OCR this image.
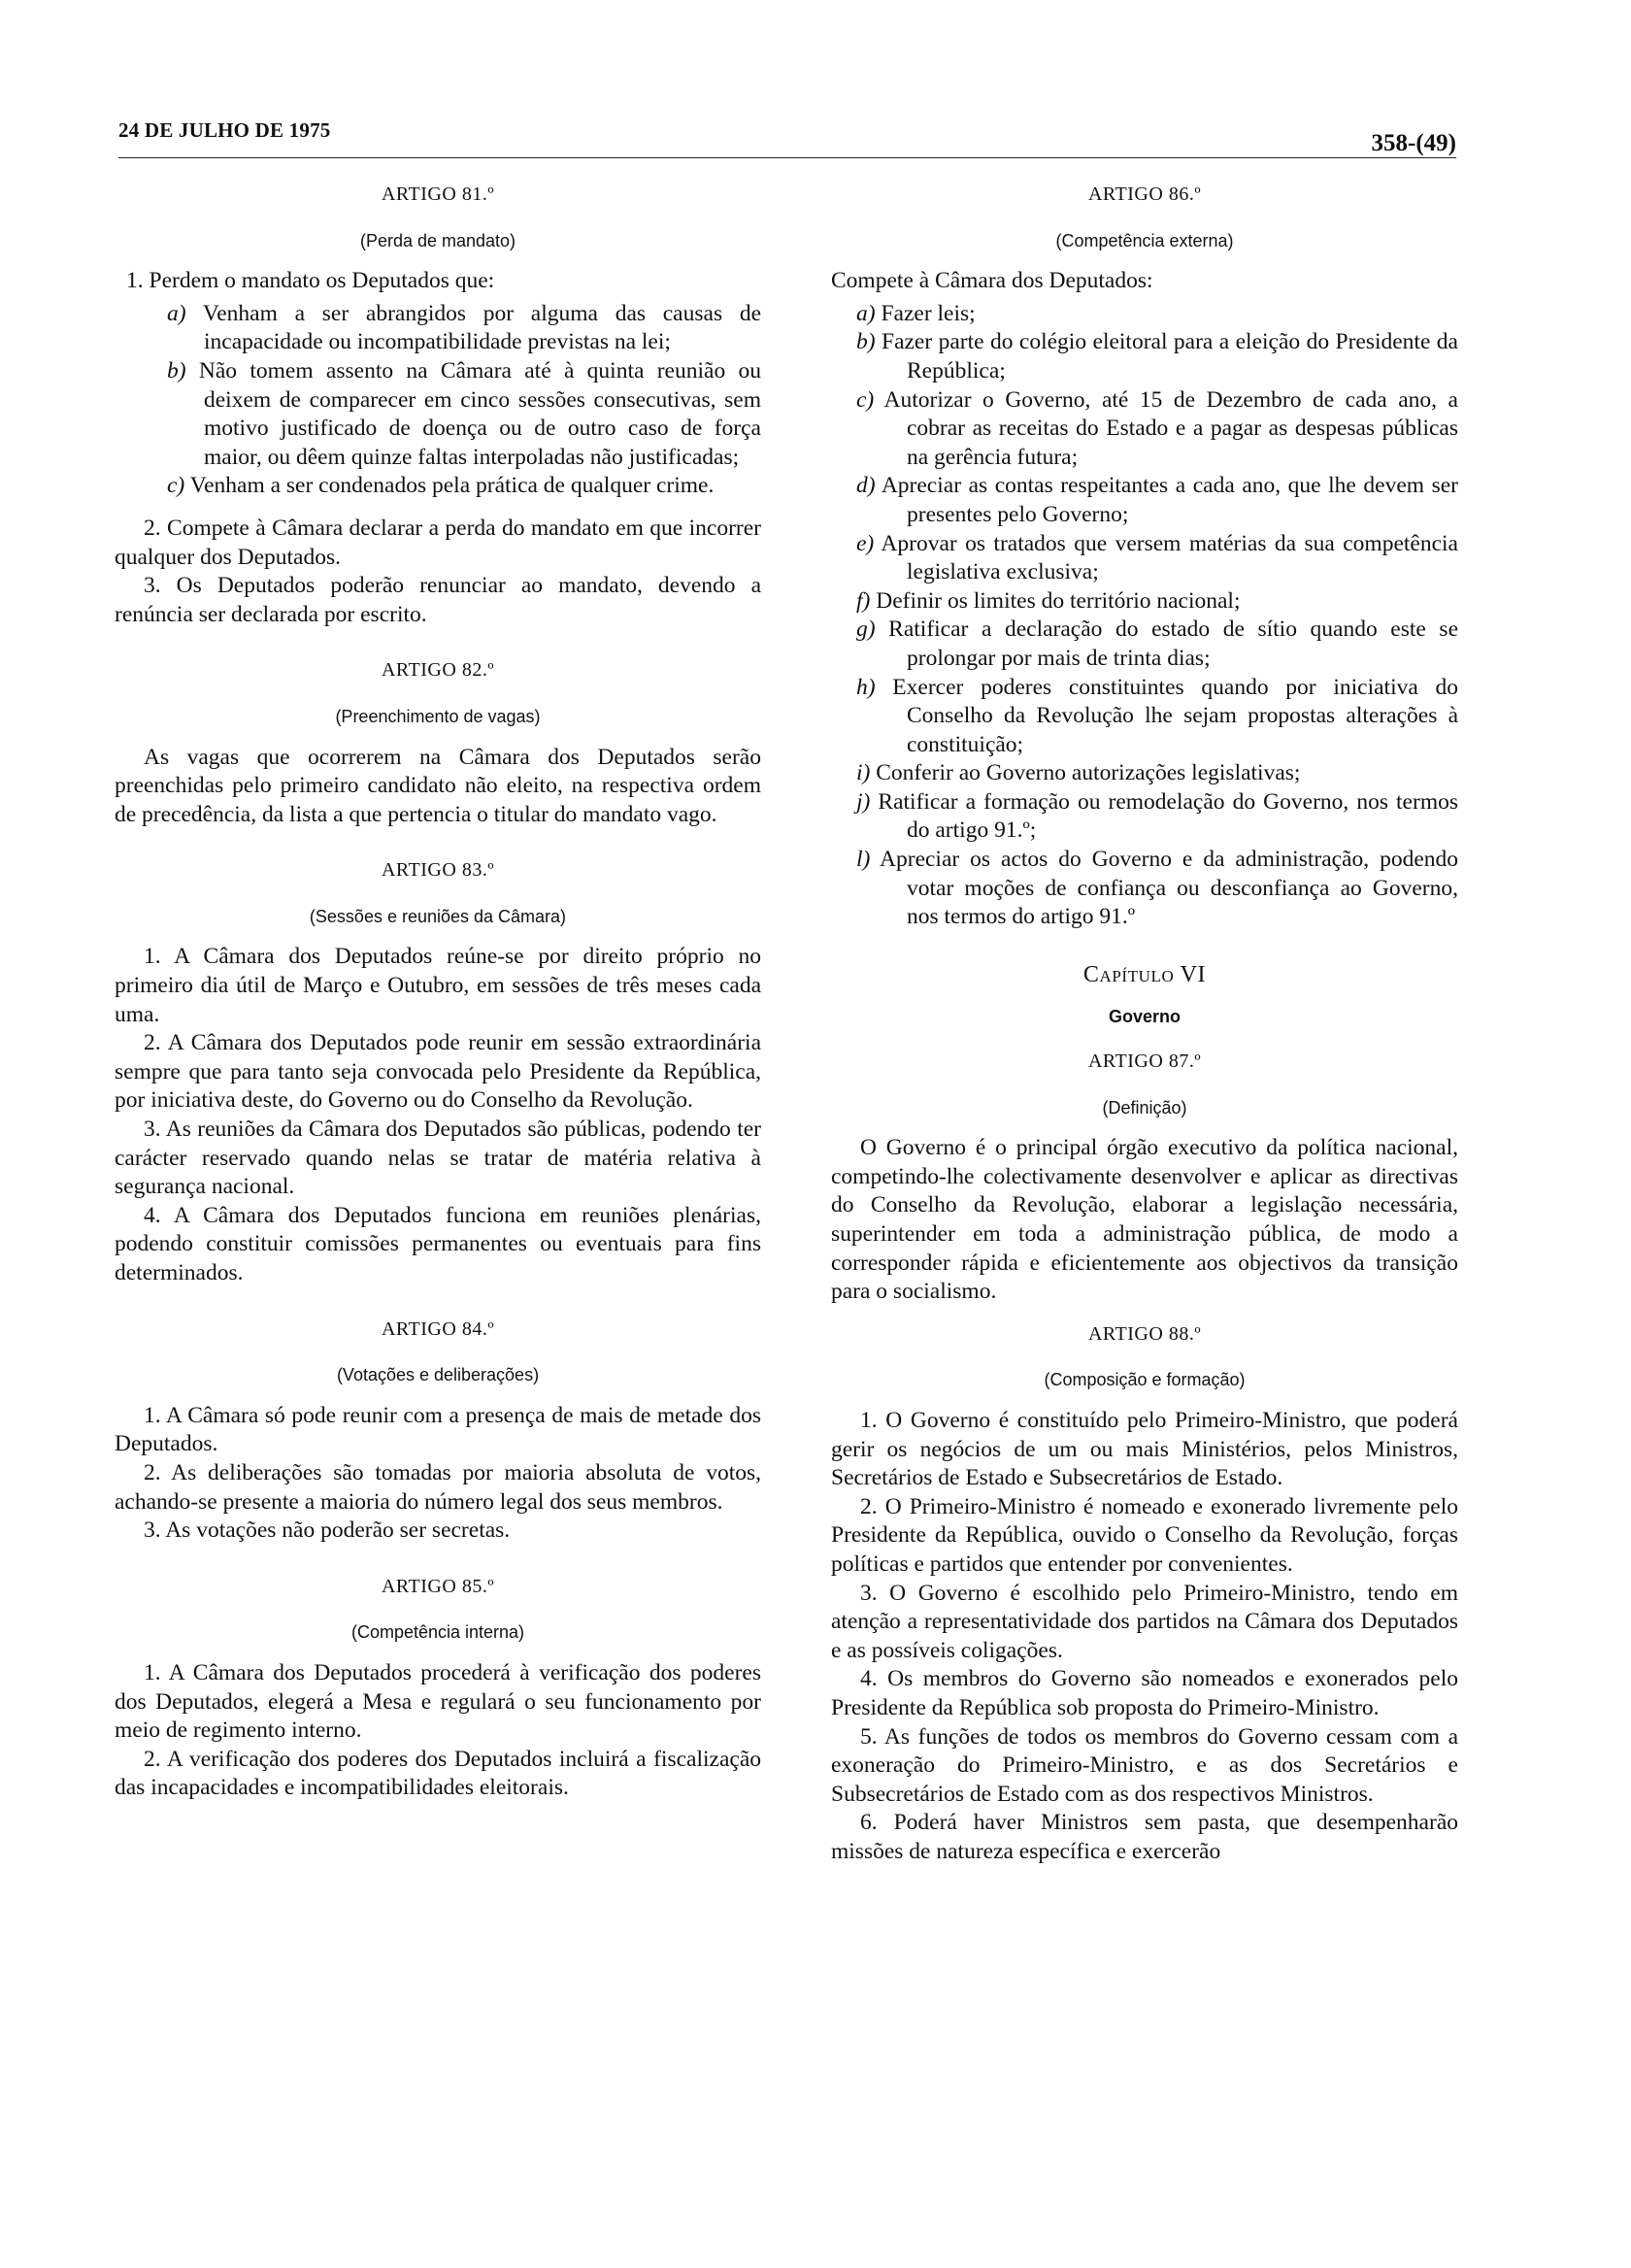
24 DE JULHO DE 1975	358-(49)
ARTIGO 81.º
(Perda de mandato)

1. Perdem o mandato os Deputados que:

a) Venham a ser abrangidos por alguma das causas de incapacidade ou incompatibilidade previstas na lei;

b) Não tomem assento na Câmara até à quinta reunião ou deixem de comparecer em cinco sessões consecutivas, sem motivo justificado de doença ou de outro caso de força maior, ou dêem quinze faltas interpoladas não justificadas;

c) Venham a ser condenados pela prática de qualquer crime.

2. Compete à Câmara declarar a perda do mandato em que incorrer qualquer dos Deputados.

3. Os Deputados poderão renunciar ao mandato, devendo a renúncia ser declarada por escrito.

ARTIGO 82.º
(Preenchimento de vagas)

As vagas que ocorrerem na Câmara dos Deputados serão preenchidas pelo primeiro candidato não eleito, na respectiva ordem de precedência, da lista a que pertencia o titular do mandato vago.

ARTIGO 83.º
(Sessões e reuniões da Câmara)

1. A Câmara dos Deputados reúne-se por direito próprio no primeiro dia útil de Março e Outubro, em sessões de três meses cada uma.

2. A Câmara dos Deputados pode reunir em sessão extraordinária sempre que para tanto seja convocada pelo Presidente da República, por iniciativa deste, do Governo ou do Conselho da Revolução.

3. As reuniões da Câmara dos Deputados são públicas, podendo ter carácter reservado quando nelas se tratar de matéria relativa à segurança nacional.

4. A Câmara dos Deputados funciona em reuniões plenárias, podendo constituir comissões permanentes ou eventuais para fins determinados.

ARTIGO 84.º
(Votações e deliberações)

1. A Câmara só pode reunir com a presença de mais de metade dos Deputados.

2. As deliberações são tomadas por maioria absoluta de votos, achando-se presente a maioria do número legal dos seus membros.

3. As votações não poderão ser secretas.

ARTIGO 85.º
(Competência interna)

1. A Câmara dos Deputados procederá à verificação dos poderes dos Deputados, elegerá a Mesa e regulará o seu funcionamento por meio de regimento interno.

2. A verificação dos poderes dos Deputados incluirá a fiscalização das incapacidades e incompatibilidades eleitorais.

ARTIGO 86.º
(Competência externa)

Compete à Câmara dos Deputados:

a) Fazer leis;

b) Fazer parte do colégio eleitoral para a eleição do Presidente da República;

c) Autorizar o Governo, até 15 de Dezembro de cada ano, a cobrar as receitas do Estado e a pagar as despesas públicas na gerência futura;

d) Apreciar as contas respeitantes a cada ano, que lhe devem ser presentes pelo Governo;

e) Aprovar os tratados que versem matérias da sua competência legislativa exclusiva;

f) Definir os limites do território nacional;

g) Ratificar a declaração do estado de sítio quando este se prolongar por mais de trinta dias;

h) Exercer poderes constituintes quando por iniciativa do Conselho da Revolução lhe sejam propostas alterações à constituição;

i) Conferir ao Governo autorizações legislativas;

j) Ratificar a formação ou remodelação do Governo, nos termos do artigo 91.º;

l) Apreciar os actos do Governo e da administração, podendo votar moções de confiança ou desconfiança ao Governo, nos termos do artigo 91.º

Capítulo VI
Governo
ARTIGO 87.º
(Definição)

O Governo é o principal órgão executivo da política nacional, competindo-lhe colectivamente desenvolver e aplicar as directivas do Conselho da Revolução, elaborar a legislação necessária, superintender em toda a administração pública, de modo a corresponder rápida e eficientemente aos objectivos da transição para o socialismo.

ARTIGO 88.º
(Composição e formação)

1. O Governo é constituído pelo Primeiro-Ministro, que poderá gerir os negócios de um ou mais Ministérios, pelos Ministros, Secretários de Estado e Subsecretários de Estado.

2. O Primeiro-Ministro é nomeado e exonerado livremente pelo Presidente da República, ouvido o Conselho da Revolução, forças políticas e partidos que entender por convenientes.

3. O Governo é escolhido pelo Primeiro-Ministro, tendo em atenção a representatividade dos partidos na Câmara dos Deputados e as possíveis coligações.

4. Os membros do Governo são nomeados e exonerados pelo Presidente da República sob proposta do Primeiro-Ministro.

5. As funções de todos os membros do Governo cessam com a exoneração do Primeiro-Ministro, e as dos Secretários e Subsecretários de Estado com as dos respectivos Ministros.

6. Poderá haver Ministros sem pasta, que desempenharão missões de natureza específica e exercerão
